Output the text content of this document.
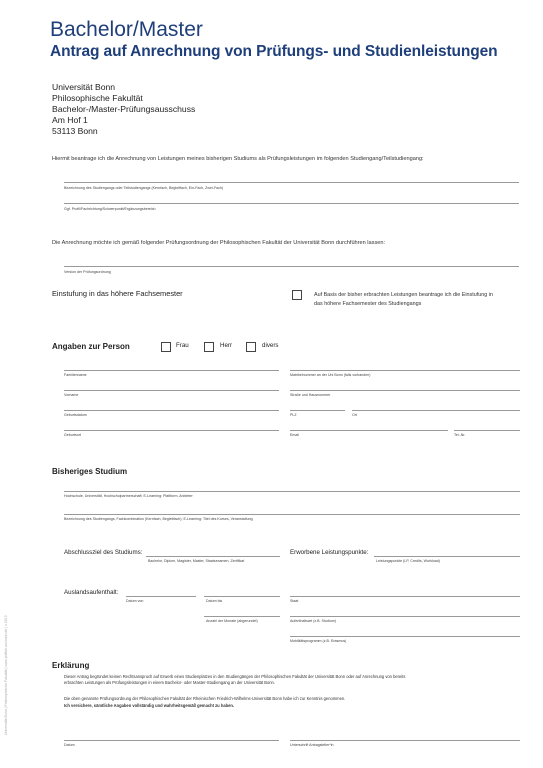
Bachelor/Master
Antrag auf Anrechnung von Prüfungs- und Studienleistungen
Universität Bonn
Philosophische Fakultät
Bachelor-/Master-Prüfungsausschuss
Am Hof 1
53113 Bonn
Hiermit beantrage ich die Anrechnung von Leistungen meines bisherigen Studiums als Prüfungsleistungen im folgenden Studiengang/Teilstudiengang:
Bezeichnung des Studiengangs oder Teilstudiengangs (Kernfach, Begleitfach, Ein-Fach, Zwei-Fach)
Ggf. Profil/Fachrichtung/Schwerpunkt/Ergänzungsbereich
Die Anrechnung möchte ich gemäß folgender Prüfungsordnung der Philosophischen Fakultät der Universität Bonn durchführen lassen:
Version der Prüfungsordnung
Einstufung in das höhere Fachsemester	Auf Basis der bisher erbrachten Leistungen beantrage ich die Einstufung in
das höhere Fachsemester des Studiengangs
Angaben zur Person	Frau	Herr	divers
Familienname	Matrikelnummer an der Uni Bonn (falls vorhanden)
Vorname	Straße und Hausnummer
Geburtsdatum	PLZ	Ort
Geburtsort	Email	Tel.-Nr.
Bisheriges Studium
Hochschule, Universität, Hochschulpartnerschaft; E-Learning: Plattform, Anbieter
Bezeichnung des Studiengangs, Fachkombination (Kernfach, Begleitfach); E-Learning: Titel des Kurses, Veranstaltung
Abschlussziel des Studiums:
Bachelor, Diplom, Magister, Master, Staatsexamen, Zertifikat
Erworbene Leistungspunkte:
Leistungspunkte (LP, Credits, Workload)
Auslandsaufenthalt:
Datum von	Datum bis	Staat
Anzahl der Monate (abgerundet)	Aufenthaltsart (z.B. Studium)
Mobilitätsprogramm (z.B. Erasmus)
Erklärung
Dieser Antrag begründet keinen Rechtsanspruch auf Erwerb eines Studienplatzes in den Studiengängen der Philosophischen Fakultät der Universität Bonn oder auf Anrechnung von bereits
erbrachten Leistungen als Prüfungsleistungen in einem Bachelor- oder Master-Studiengang an der Universität Bonn.
Die oben genannte Prüfungsordnung der Philosophischen Fakultät der Rheinischen Friedrich-Wilhelms-Universität Bonn habe ich zur Kenntnis genommen.
Ich versichere, sämtliche Angaben vollständig und wahrheitsgemäß gemacht zu haben.
Datum	Unterschrift Antragsteller*in
Universität Bonn | Philosophische Fakultät | www.philfak.uni-bonn.de | v 2019
